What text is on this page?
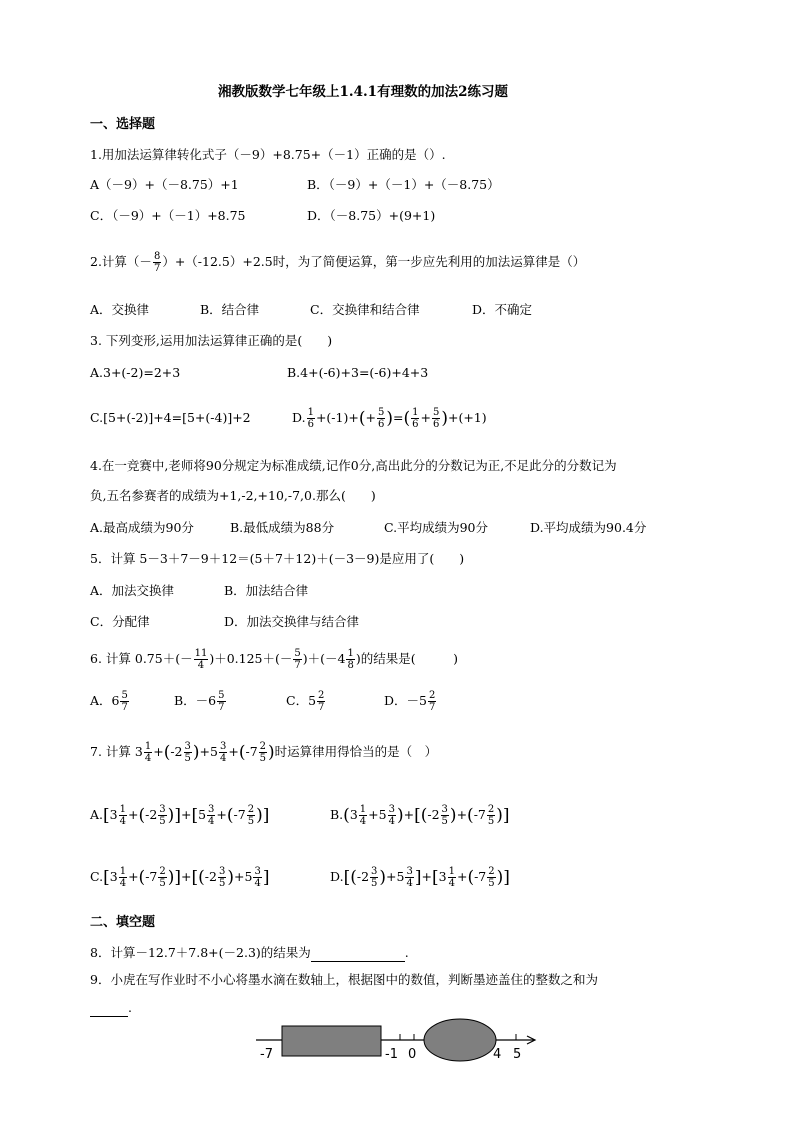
湘教版数学七年级上1.4.1有理数的加法2练习题
一、选择题
1.用加法运算律转化式子（－9）+8.75+（－1）正确的是（）.
A（－9）+（－8.75）+1	B．（－9）+（－1）+（－8.75）
C．（－9）+（－1）+8.75	D．（－8.75）+(9+1)
2.计算（－ $\frac{8}{7} )+(-12.5)+2.5$时，为了简便运算，第一步应先利用的加法运算律是（）
A．交换律	B．结合律	C．交换律和结合律	D．不确定
3. 下列变形,运用加法运算律正确的是(　　)
A.3+(-2)=2+3	B.4+(-6)+3=(-6)+4+3
C.[5+(-2)]+4=[5+(-4)]+2	D. $\frac{1}{6} +(-1)+(+ \frac{5}{6}$ )=( $\frac{1}{6} + \frac{5}{6} )+(+1)$
4.在一竞赛中,老师将90分规定为标准成绩,记作0分,高出此分的分数记为正,不足此分的分数记为
负,五名参赛者的成绩为+1,-2,+10,-7,0.那么(　　)
A.最高成绩为90分	B.最低成绩为88分	C.平均成绩为90分	D.平均成绩为90.4分
5．计算 5－3＋7－9＋12＝(5＋7＋12)＋(－3－9)是应用了(　　)
A．加法交换律	B．加法结合律
C．分配律	D．加法交换律与结合律
6. 计算 $0.75+(- \frac{11}{4} )+0.125+(- \frac{5}{7} )+(-4 \frac{1}{8}$ )的结果是(　　　)
A．$6 \frac{5}{7}$	B．$-6 \frac{5}{7}$	C．$5 \frac{2}{7}$	D．$-5 \frac{2}{7}$
7. 计算 $3 \frac{1}{4} +(-2 \frac{3}{5} )+5 \frac{3}{4} +(-7 \frac{2}{5}$ )时运算律用得恰当的是（　）
$A.[3 \frac{1}{4} +(-2 \frac{3}{5} )]+[5 \frac{3}{4} +(-7 \frac{2}{5}$ )]	$B.(3 \frac{1}{4} +5 \frac{3}{4} )+[(-2 \frac{3}{5} )+(-7 \frac{2}{5}$ )]
$C.[3 \frac{1}{4} +(-7 \frac{2}{5} )]+[(-2 \frac{3}{5} )+5 \frac{3}{4}$ ]	$D.[(-2 \frac{3}{5} )+5 \frac{3}{4} ]+[3 \frac{1}{4} +(-7 \frac{2}{5}$ )]
二、填空题
8．计算－12.7＋7.8+(－2.3)的结果为	.
9．小虎在写作业时不小心将墨水滴在数轴上，根据图中的数值，判断墨迹盖住的整数之和为
.
-7	-1 0	4 5
